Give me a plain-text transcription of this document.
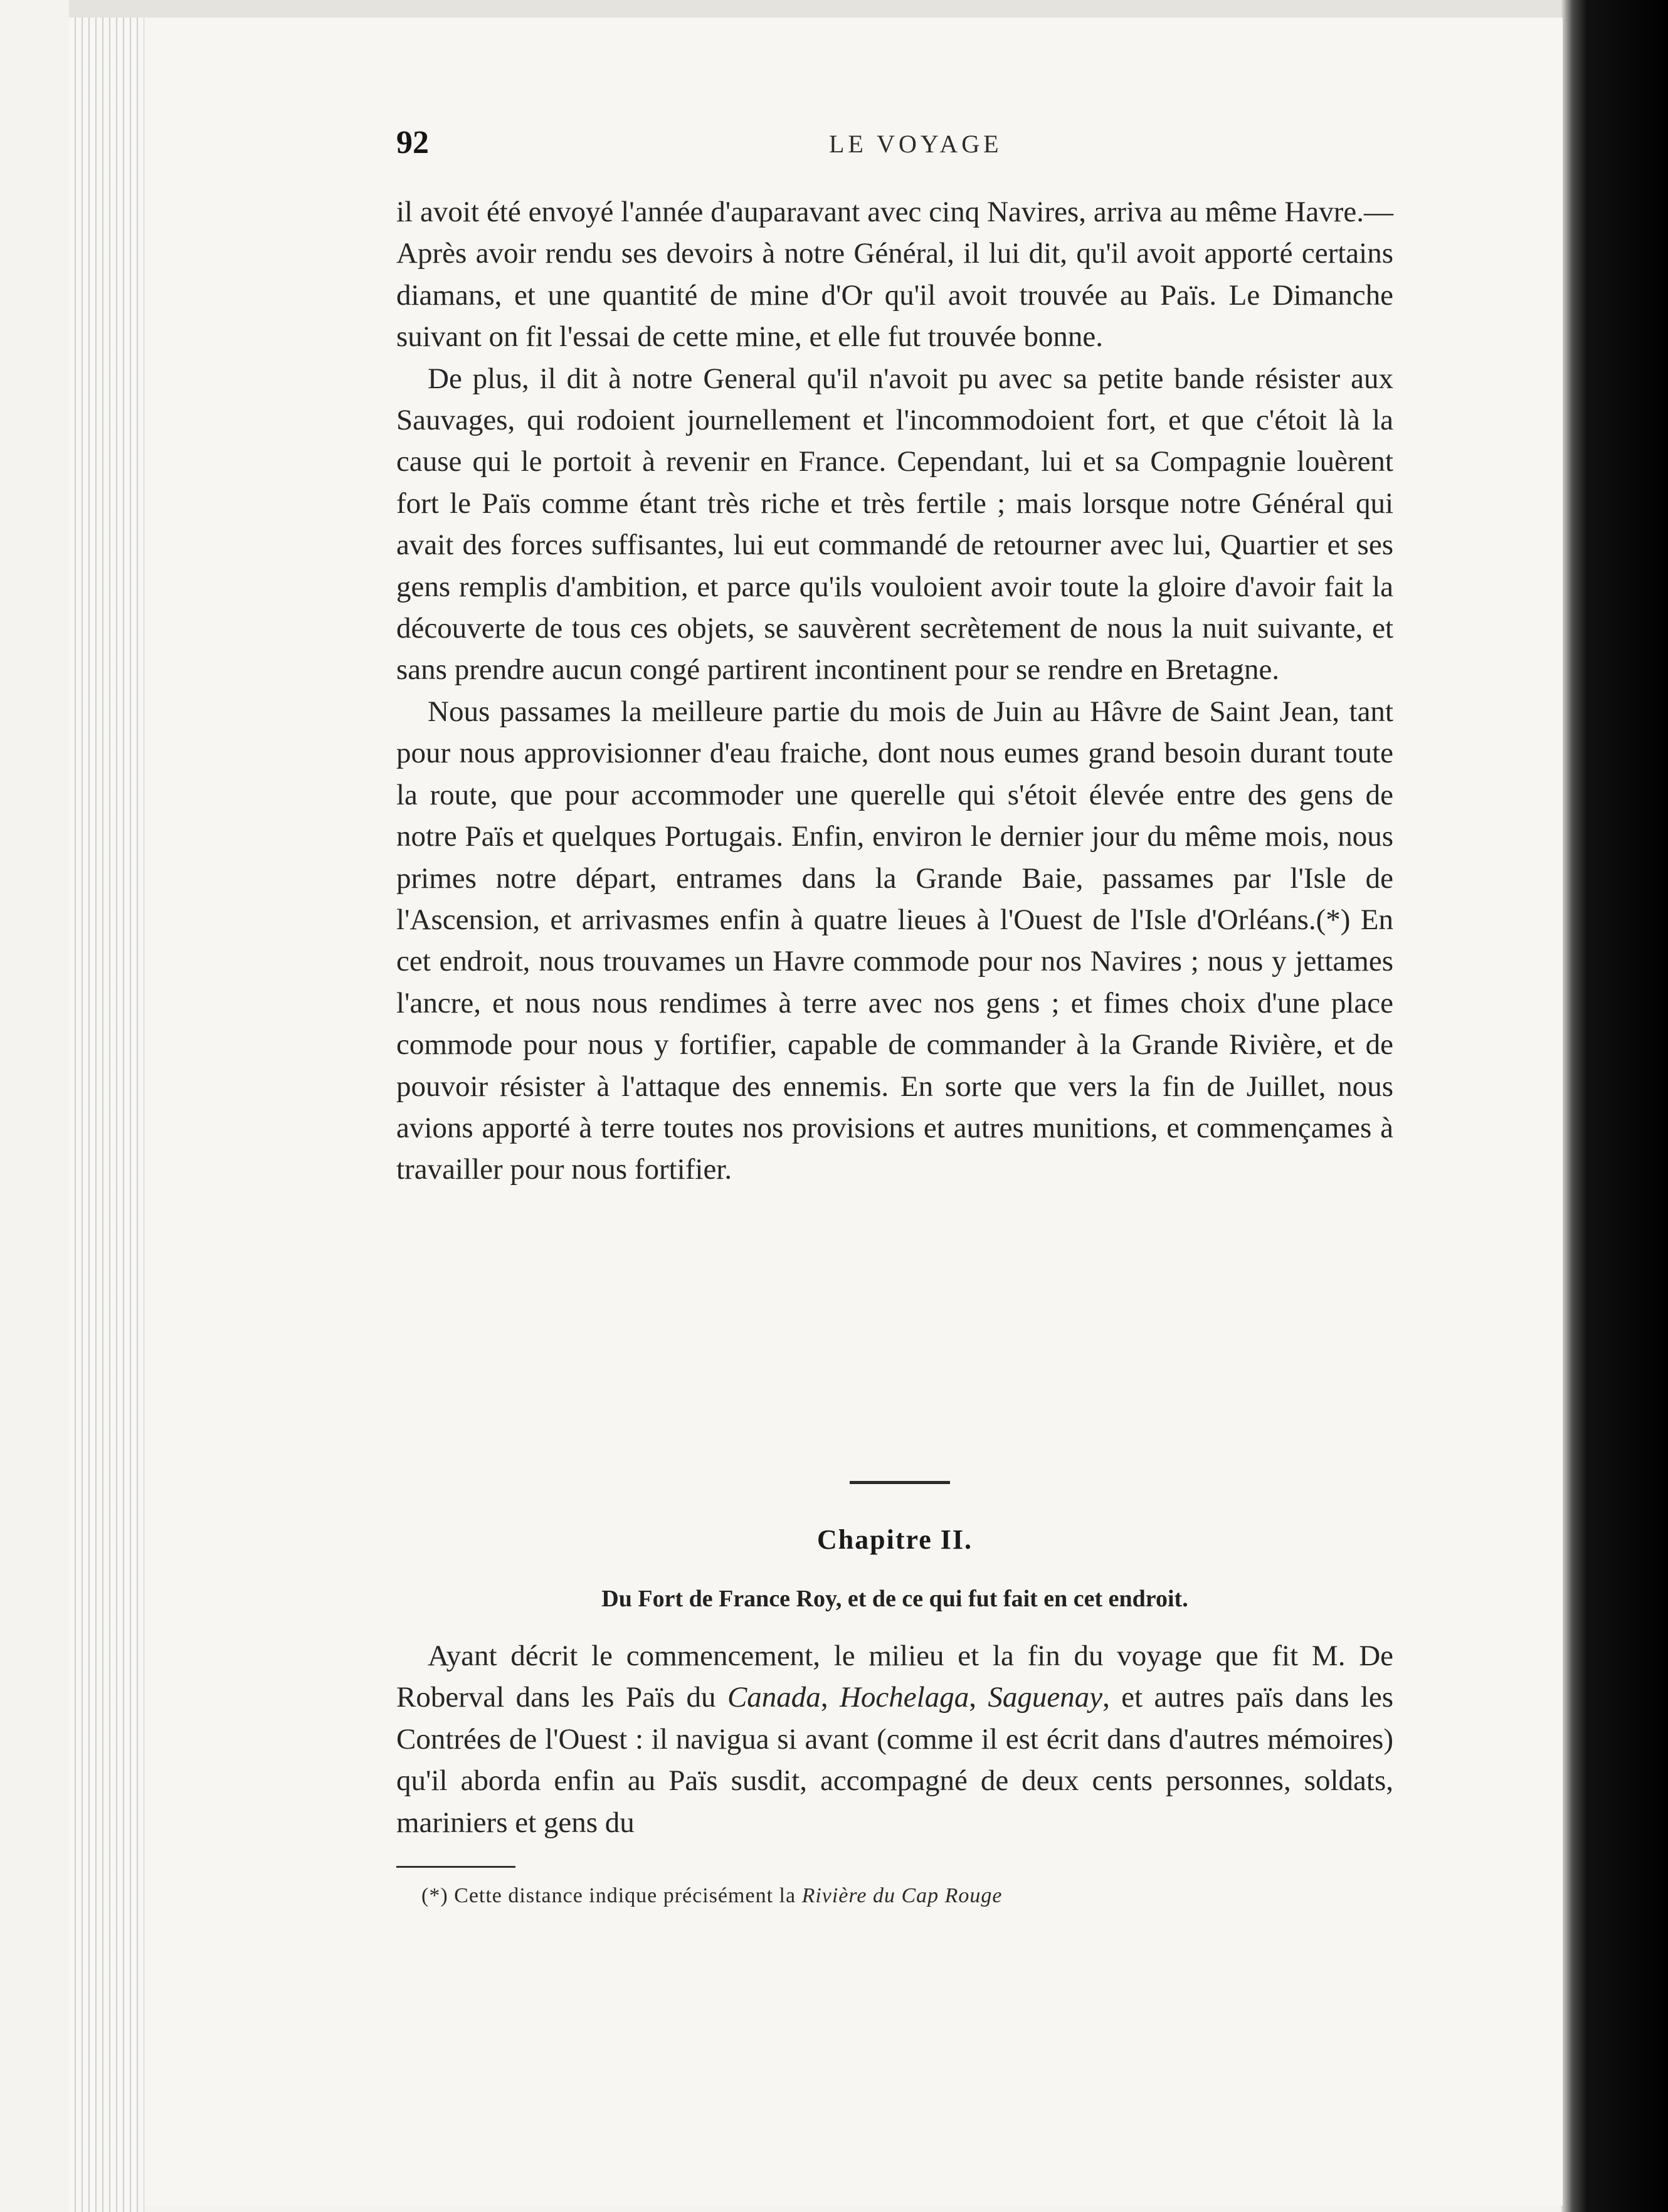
92	LE VOYAGE

il avoit été envoyé l'année d'auparavant avec cinq Navires, arriva au même Havre.—Après avoir rendu ses devoirs à notre Général, il lui dit, qu'il avoit apporté certains diamans, et une quantité de mine d'Or qu'il avoit trouvée au Païs. Le Dimanche suivant on fit l'essai de cette mine, et elle fut trouvée bonne.

De plus, il dit à notre General qu'il n'avoit pu avec sa petite bande résister aux Sauvages, qui rodoient journellement et l'incommodoient fort, et que c'étoit là la cause qui le portoit à revenir en France. Cependant, lui et sa Compagnie louèrent fort le Païs comme étant très riche et très fertile ; mais lorsque notre Général qui avait des forces suffisantes, lui eut commandé de retourner avec lui, Quartier et ses gens remplis d'ambition, et parce qu'ils vouloient avoir toute la gloire d'avoir fait la découverte de tous ces objets, se sauvèrent secrètement de nous la nuit suivante, et sans prendre aucun congé partirent incontinent pour se rendre en Bretagne.

Nous passames la meilleure partie du mois de Juin au Hâvre de Saint Jean, tant pour nous approvisionner d'eau fraiche, dont nous eumes grand besoin durant toute la route, que pour accommoder une querelle qui s'étoit élevée entre des gens de notre Païs et quelques Portugais. Enfin, environ le dernier jour du même mois, nous primes notre départ, entrames dans la Grande Baie, passames par l'Isle de l'Ascension, et arrivasmes enfin à quatre lieues à l'Ouest de l'Isle d'Orléans.(*) En cet endroit, nous trouvames un Havre commode pour nos Navires ; nous y jettames l'ancre, et nous nous rendimes à terre avec nos gens ; et fimes choix d'une place commode pour nous y fortifier, capable de commander à la Grande Rivière, et de pouvoir résister à l'attaque des ennemis. En sorte que vers la fin de Juillet, nous avions apporté à terre toutes nos provisions et autres munitions, et commençames à travailler pour nous fortifier.

Chapitre II.
Du Fort de France Roy, et de ce qui fut fait en cet endroit.

Ayant décrit le commencement, le milieu et la fin du voyage que fit M. De Roberval dans les Païs du Canada, Hochelaga, Saguenay, et autres païs dans les Contrées de l'Ouest : il navigua si avant (comme il est écrit dans d'autres mémoires) qu'il aborda enfin au Païs susdit, accompagné de deux cents personnes, soldats, mariniers et gens du

(*) Cette distance indique précisément la Rivière du Cap Rouge
